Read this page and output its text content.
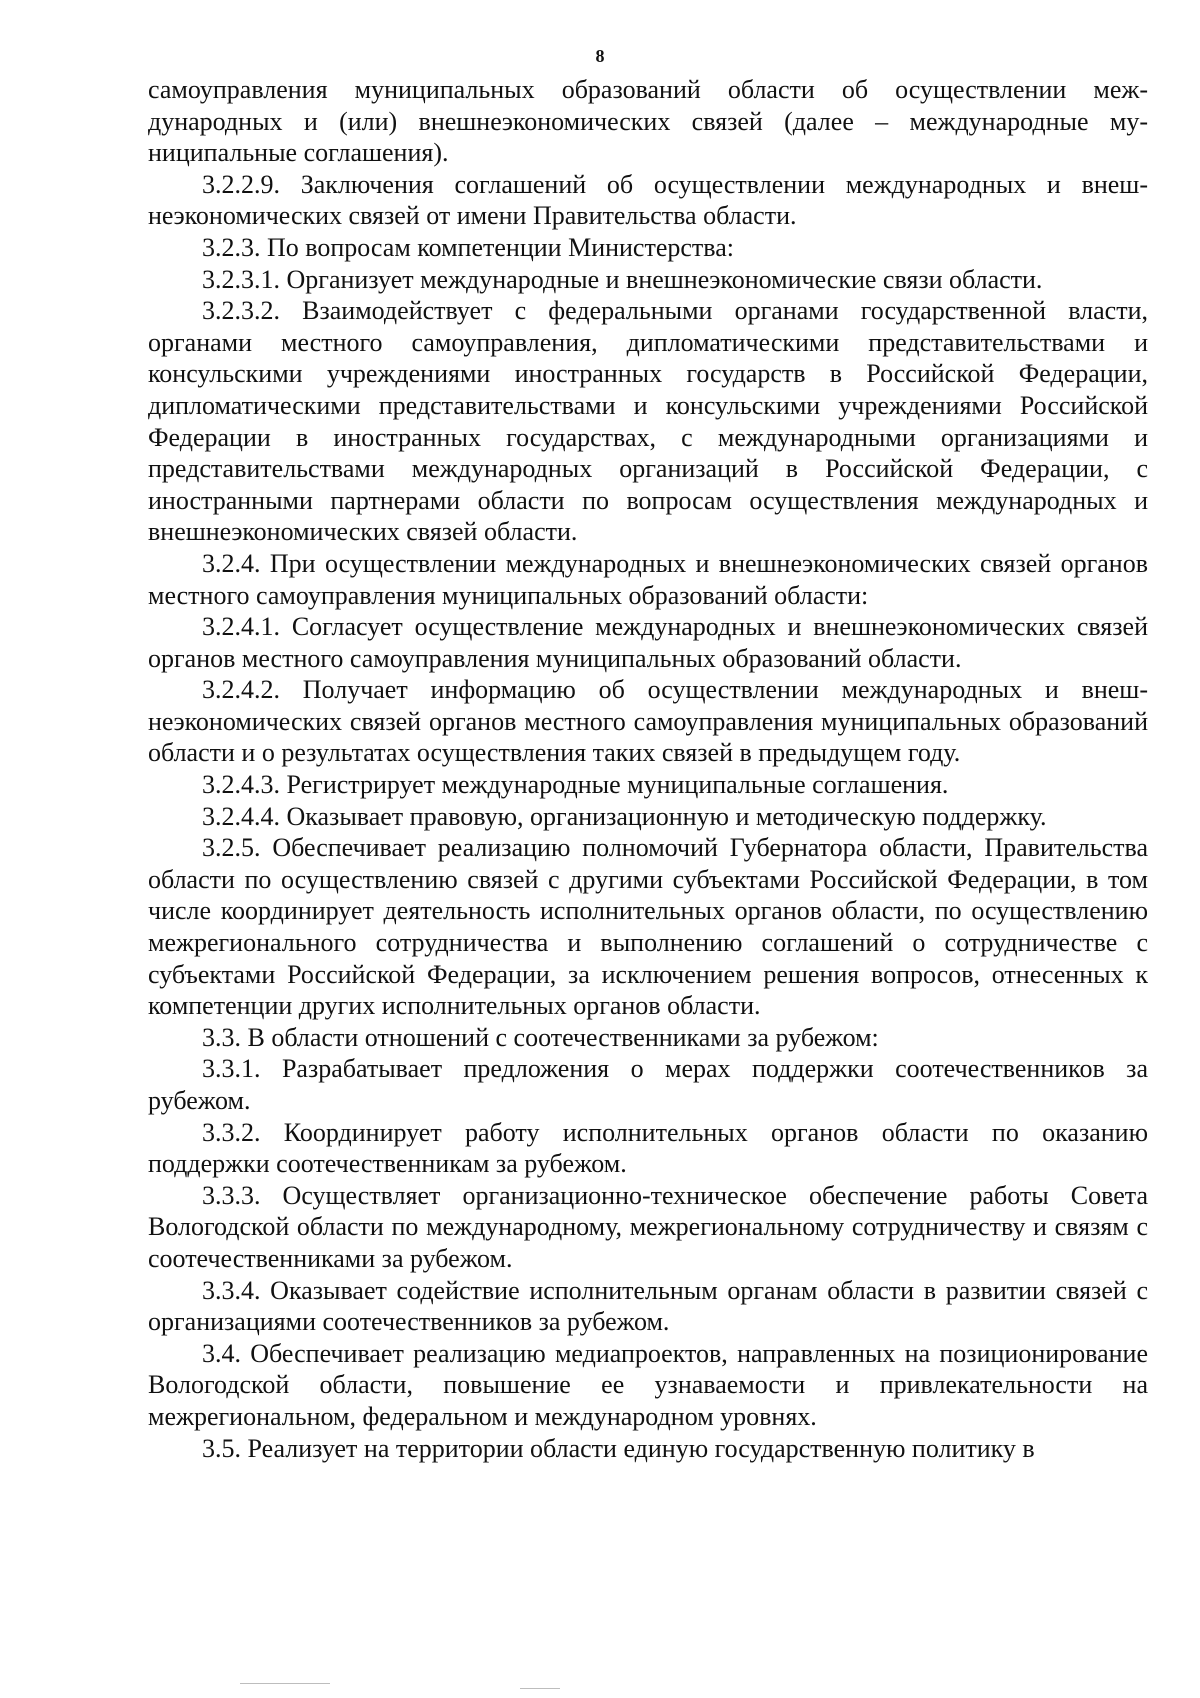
8

самоуправления муниципальных образований области об осуществлении международных и (или) внешнеэкономических связей (далее – международные муниципальные соглашения).

3.2.2.9. Заключения соглашений об осуществлении международных и внешнеэкономических связей от имени Правительства области.

3.2.3. По вопросам компетенции Министерства:

3.2.3.1. Организует международные и внешнеэкономические связи области.

3.2.3.2. Взаимодействует с федеральными органами государственной власти, органами местного самоуправления, дипломатическими представительствами и консульскими учреждениями иностранных государств в Российской Федерации, дипломатическими представительствами и консульскими учреждениями Российской Федерации в иностранных государствах, с международными организациями и представительствами международных организаций в Российской Федерации, с иностранными партнерами области по вопросам осуществления международных и внешнеэкономических связей области.

3.2.4. При осуществлении международных и внешнеэкономических связей органов местного самоуправления муниципальных образований области:

3.2.4.1. Согласует осуществление международных и внешнеэкономических связей органов местного самоуправления муниципальных образований области.

3.2.4.2. Получает информацию об осуществлении международных и внешнеэкономических связей органов местного самоуправления муниципальных образований области и о результатах осуществления таких связей в предыдущем году.

3.2.4.3. Регистрирует международные муниципальные соглашения.

3.2.4.4. Оказывает правовую, организационную и методическую поддержку.

3.2.5. Обеспечивает реализацию полномочий Губернатора области, Правительства области по осуществлению связей с другими субъектами Российской Федерации, в том числе координирует деятельность исполнительных органов области, по осуществлению межрегионального сотрудничества и выполнению соглашений о сотрудничестве с субъектами Российской Федерации, за исключением решения вопросов, отнесенных к компетенции других исполнительных органов области.

3.3. В области отношений с соотечественниками за рубежом:

3.3.1. Разрабатывает предложения о мерах поддержки соотечественников за рубежом.

3.3.2. Координирует работу исполнительных органов области по оказанию поддержки соотечественникам за рубежом.

3.3.3. Осуществляет организационно-техническое обеспечение работы Совета Вологодской области по международному, межрегиональному сотрудничеству и связям с соотечественниками за рубежом.

3.3.4. Оказывает содействие исполнительным органам области в развитии связей с организациями соотечественников за рубежом.

3.4. Обеспечивает реализацию медиапроектов, направленных на позиционирование Вологодской области, повышение ее узнаваемости и привлекательности на межрегиональном, федеральном и международном уровнях.

3.5. Реализует на территории области единую государственную политику в
